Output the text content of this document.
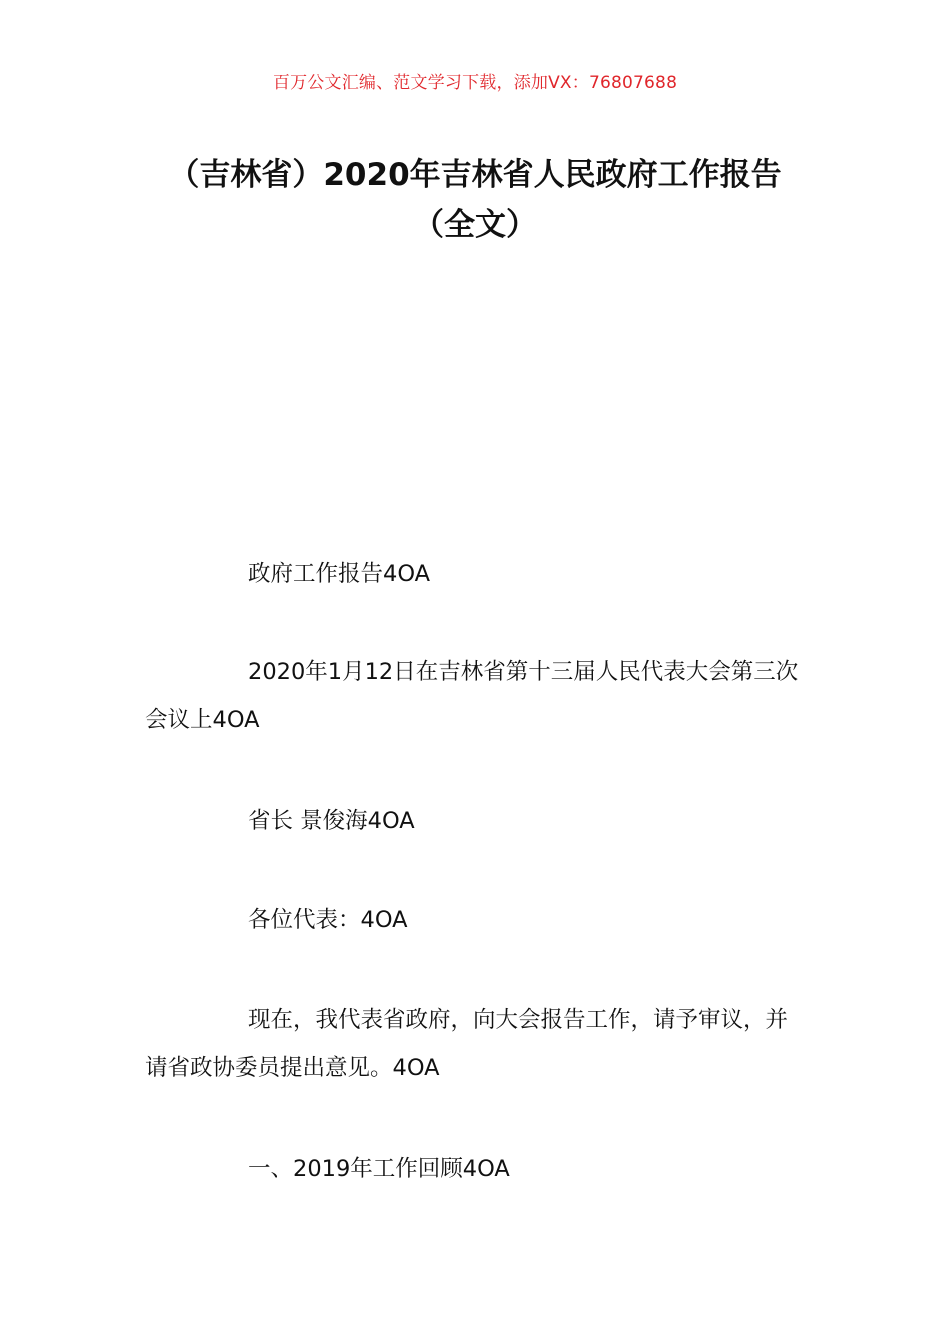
百万公文汇编、范文学习下载，添加VX：76807688
（吉林省）2020年吉林省人民政府工作报告（全文）

政府工作报告4OA

2020年1月12日在吉林省第十三届人民代表大会第三次会议上4OA

省长 景俊海4OA

各位代表：4OA

现在，我代表省政府，向大会报告工作，请予审议，并请省政协委员提出意见。4OA

一、2019年工作回顾4OA
